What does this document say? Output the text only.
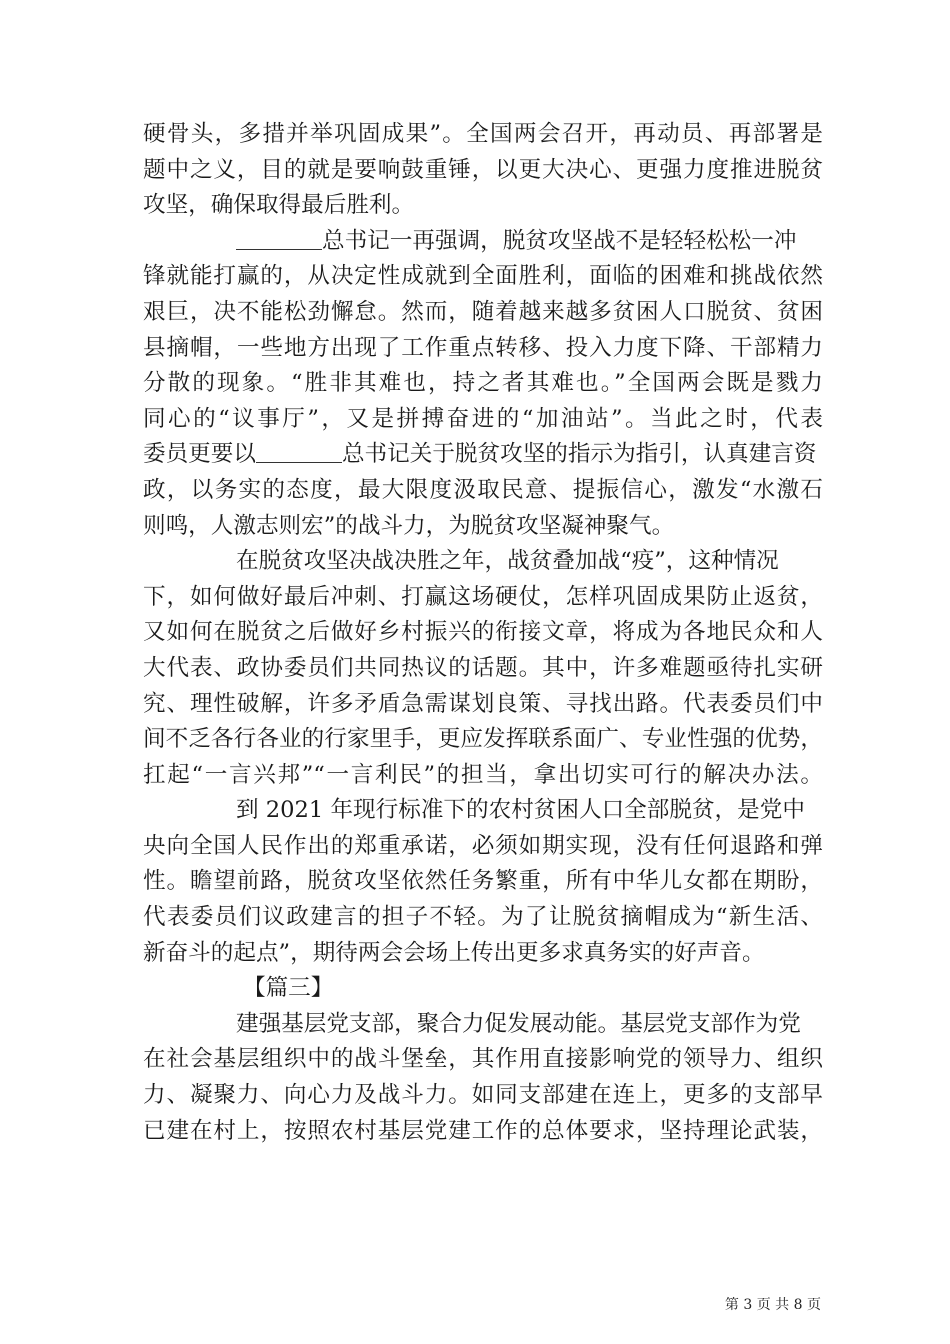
硬骨头，多措并举巩固成果”。全国两会召开，再动员、再部署是
题中之义，目的就是要响鼓重锤，以更大决心、更强力度推进脱贫
攻坚，确保取得最后胜利。
总书记一再强调，脱贫攻坚战不是轻轻松松一冲
锋就能打赢的，从决定性成就到全面胜利，面临的困难和挑战依然
艰巨，决不能松劲懈怠。然而，随着越来越多贫困人口脱贫、贫困
县摘帽，一些地方出现了工作重点转移、投入力度下降、干部精力
分散的现象。“胜非其难也，持之者其难也。”全国两会既是戮力
同心的“议事厅”，又是拼搏奋进的“加油站”。当此之时，代表
委员更要以	总书记关于脱贫攻坚的指示为指引，认真建言资
政，以务实的态度，最大限度汲取民意、提振信心，激发“水激石
则鸣，人激志则宏”的战斗力，为脱贫攻坚凝神聚气。
在脱贫攻坚决战决胜之年，战贫叠加战“疫”，这种情况
下，如何做好最后冲刺、打赢这场硬仗，怎样巩固成果防止返贫，
又如何在脱贫之后做好乡村振兴的衔接文章，将成为各地民众和人
大代表、政协委员们共同热议的话题。其中，许多难题亟待扎实研
究、理性破解，许多矛盾急需谋划良策、寻找出路。代表委员们中
间不乏各行各业的行家里手，更应发挥联系面广、专业性强的优势，
扛起“一言兴邦”“一言利民”的担当，拿出切实可行的解决办法。
到 2021 年现行标准下的农村贫困人口全部脱贫，是党中
央向全国人民作出的郑重承诺，必须如期实现，没有任何退路和弹
性。瞻望前路，脱贫攻坚依然任务繁重，所有中华儿女都在期盼，
代表委员们议政建言的担子不轻。为了让脱贫摘帽成为“新生活、
新奋斗的起点”，期待两会会场上传出更多求真务实的好声音。
【篇三】
建强基层党支部，聚合力促发展动能。基层党支部作为党
在社会基层组织中的战斗堡垒，其作用直接影响党的领导力、组织
力、凝聚力、向心力及战斗力。如同支部建在连上，更多的支部早
已建在村上，按照农村基层党建工作的总体要求，坚持理论武装，
第 3 页 共 8 页
